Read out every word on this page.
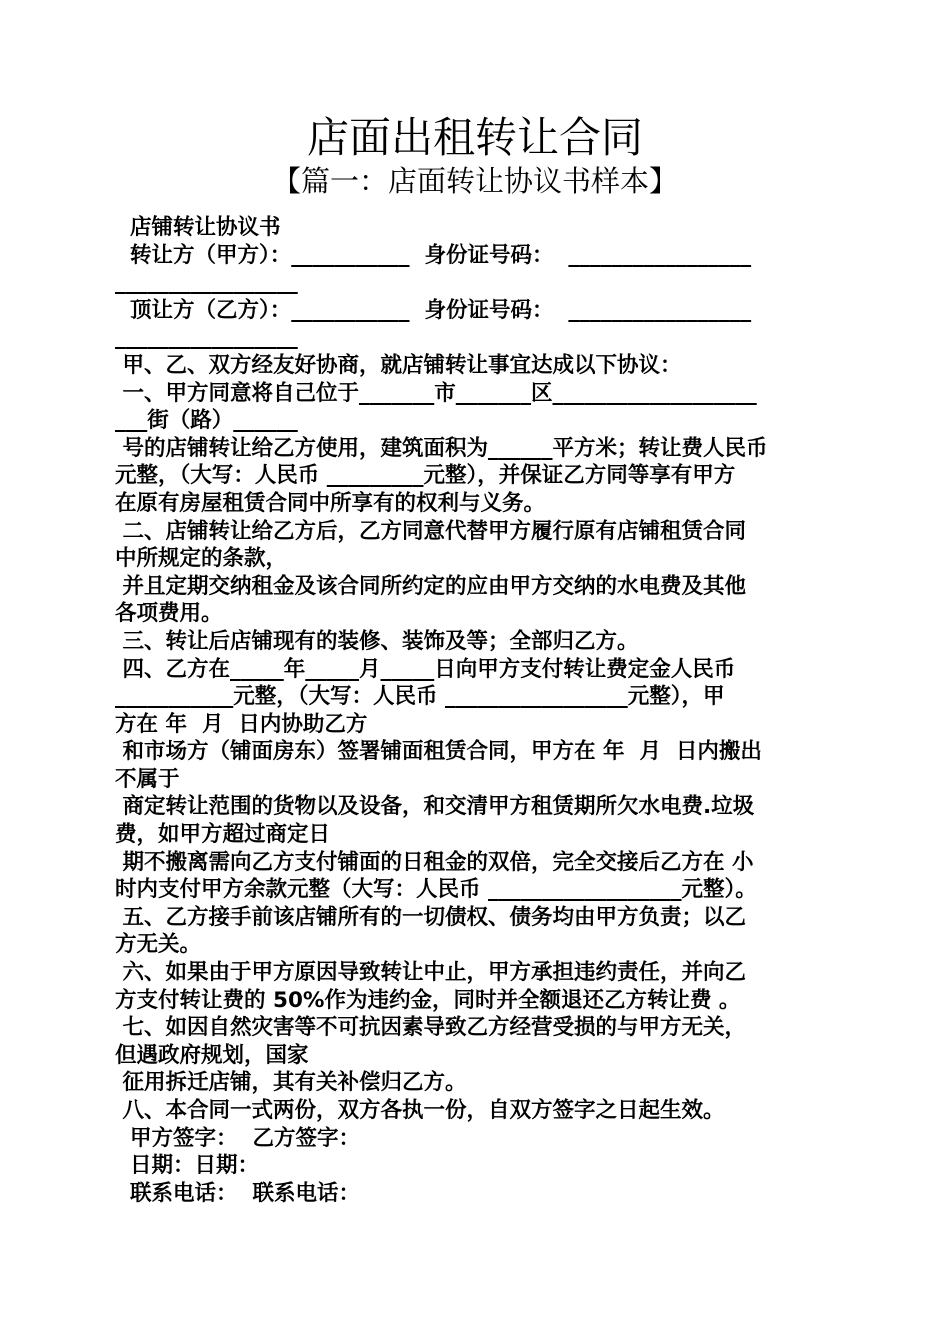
店面出租转让合同
【篇一：店面转让协议书样本】
店铺转让协议书
转让方（甲方）：___________  身份证号码：  _________________
_________________
顶让方（乙方）：___________  身份证号码：  _________________
_________________
甲、乙、双方经友好协商，就店铺转让事宜达成以下协议：
一、甲方同意将自己位于_______市_______区___________________
___街（路）______
号的店铺转让给乙方使用，建筑面积为______平方米；转让费人民币
元整，（大写：人民币 _________元整），并保证乙方同等享有甲方
在原有房屋租赁合同中所享有的权利与义务。
二、店铺转让给乙方后，乙方同意代替甲方履行原有店铺租赁合同
中所规定的条款，
并且定期交纳租金及该合同所约定的应由甲方交纳的水电费及其他
各项费用。
三、转让后店铺现有的装修、装饰及等；全部归乙方。
四、乙方在_____年_____月_____日向甲方支付转让费定金人民币
___________元整，（大写：人民币 _________________元整），甲
方在 年  月  日内协助乙方
和市场方（铺面房东）签署铺面租赁合同，甲方在 年  月  日内搬出
不属于
商定转让范围的货物以及设备，和交清甲方租赁期所欠水电费.垃圾
费，如甲方超过商定日
期不搬离需向乙方支付铺面的日租金的双倍，完全交接后乙方在 小
时内支付甲方余款元整（大写：人民币 __________________元整）。
五、乙方接手前该店铺所有的一切债权、债务均由甲方负责；以乙
方无关。
六、如果由于甲方原因导致转让中止，甲方承担违约责任，并向乙
方支付转让费的 50%作为违约金，同时并全额退还乙方转让费 。
七、如因自然灾害等不可抗因素导致乙方经营受损的与甲方无关，
但遇政府规划，国家
征用拆迁店铺，其有关补偿归乙方。
八、本合同一式两份，双方各执一份，自双方签字之日起生效。
甲方签字：  乙方签字：
日期：日期：
联系电话：  联系电话：
